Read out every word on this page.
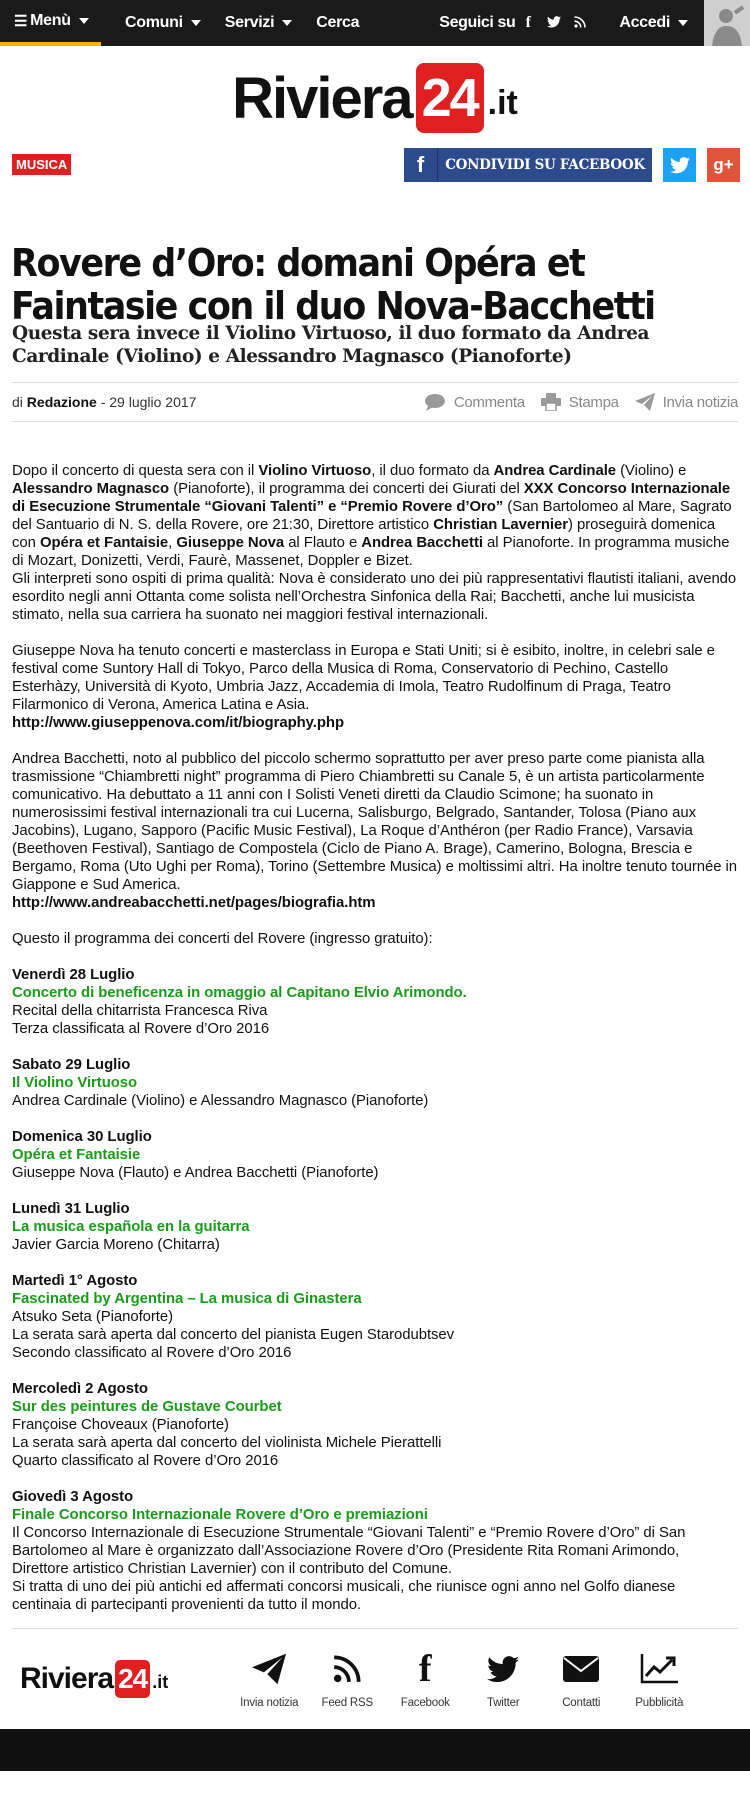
☰ Menù	Comuni	Servizi	Cerca	Seguici su f	Accedi
Riviera 24 .it
MUSICA	f	CONDIVIDI SU FACEBOOK	g+
Rovere d’Oro: domani Opéra et Faintasie con il duo Nova-Bacchetti
Questa sera invece il Violino Virtuoso, il duo formato da Andrea Cardinale (Violino) e Alessandro Magnasco (Pianoforte)
di Redazione - 29 luglio 2017	Commenta	Stampa	Invia notizia

Dopo il concerto di questa sera con il Violino Virtuoso, il duo formato da Andrea Cardinale (Violino) e Alessandro Magnasco (Pianoforte), il programma dei concerti dei Giurati del XXX Concorso Internazionale di Esecuzione Strumentale “Giovani Talenti” e “Premio Rovere d’Oro” (San Bartolomeo al Mare, Sagrato del Santuario di N. S. della Rovere, ore 21:30, Direttore artistico Christian Lavernier) proseguirà domenica con Opéra et Fantaisie, Giuseppe Nova al Flauto e Andrea Bacchetti al Pianoforte. In programma musiche di Mozart, Donizetti, Verdi, Faurè, Massenet, Doppler e Bizet.

Gli interpreti sono ospiti di prima qualità: Nova è considerato uno dei più rappresentativi flautisti italiani, avendo esordito negli anni Ottanta come solista nell’Orchestra Sinfonica della Rai; Bacchetti, anche lui musicista stimato, nella sua carriera ha suonato nei maggiori festival internazionali.

Giuseppe Nova ha tenuto concerti e masterclass in Europa e Stati Uniti; si è esibito, inoltre, in celebri sale e festival come Suntory Hall di Tokyo, Parco della Musica di Roma, Conservatorio di Pechino, Castello Esterhàzy, Università di Kyoto, Umbria Jazz, Accademia di Imola, Teatro Rudolfinum di Praga, Teatro Filarmonico di Verona, America Latina e Asia.

http://www.giuseppenova.com/it/biography.php

Andrea Bacchetti, noto al pubblico del piccolo schermo soprattutto per aver preso parte come pianista alla trasmissione “Chiambretti night” programma di Piero Chiambretti su Canale 5, è un artista particolarmente comunicativo. Ha debuttato a 11 anni con I Solisti Veneti diretti da Claudio Scimone; ha suonato in numerosissimi festival internazionali tra cui Lucerna, Salisburgo, Belgrado, Santander, Tolosa (Piano aux Jacobins), Lugano, Sapporo (Pacific Music Festival), La Roque d’Anthéron (per Radio France), Varsavia (Beethoven Festival), Santiago de Compostela (Ciclo de Piano A. Brage), Camerino, Bologna, Brescia e Bergamo, Roma (Uto Ughi per Roma), Torino (Settembre Musica) e moltissimi altri. Ha inoltre tenuto tournée in Giappone e Sud America.

http://www.andreabacchetti.net/pages/biografia.htm

Questo il programma dei concerti del Rovere (ingresso gratuito):

Venerdì 28 Luglio
Concerto di beneficenza in omaggio al Capitano Elvio Arimondo.

Recital della chitarrista Francesca Riva

Terza classificata al Rovere d’Oro 2016

Sabato 29 Luglio
Il Violino Virtuoso

Andrea Cardinale (Violino) e Alessandro Magnasco (Pianoforte)

Domenica 30 Luglio
Opéra et Fantaisie

Giuseppe Nova (Flauto) e Andrea Bacchetti (Pianoforte)

Lunedì 31 Luglio
La musica española en la guitarra

Javier Garcia Moreno (Chitarra)

Martedì 1° Agosto
Fascinated by Argentina – La musica di Ginastera

Atsuko Seta (Pianoforte)

La serata sarà aperta dal concerto del pianista Eugen Starodubtsev

Secondo classificato al Rovere d’Oro 2016

Mercoledì 2 Agosto
Sur des peintures de Gustave Courbet

Françoise Choveaux (Pianoforte)

La serata sarà aperta dal concerto del violinista Michele Pierattelli

Quarto classificato al Rovere d’Oro 2016

Giovedì 3 Agosto
Finale Concorso Internazionale Rovere d’Oro e premiazioni

Il Concorso Internazionale di Esecuzione Strumentale “Giovani Talenti” e “Premio Rovere d’Oro” di San Bartolomeo al Mare è organizzato dall’Associazione Rovere d’Oro (Presidente Rita Romani Arimondo, Direttore artistico Christian Lavernier) con il contributo del Comune.

Si tratta di uno dei più antichi ed affermati concorsi musicali, che riunisce ogni anno nel Golfo dianese centinaia di partecipanti provenienti da tutto il mondo.

Riviera 24 .it
Invia notizia Feed RSS
f
Facebook	Twitter	Contatti	Pubblicità
